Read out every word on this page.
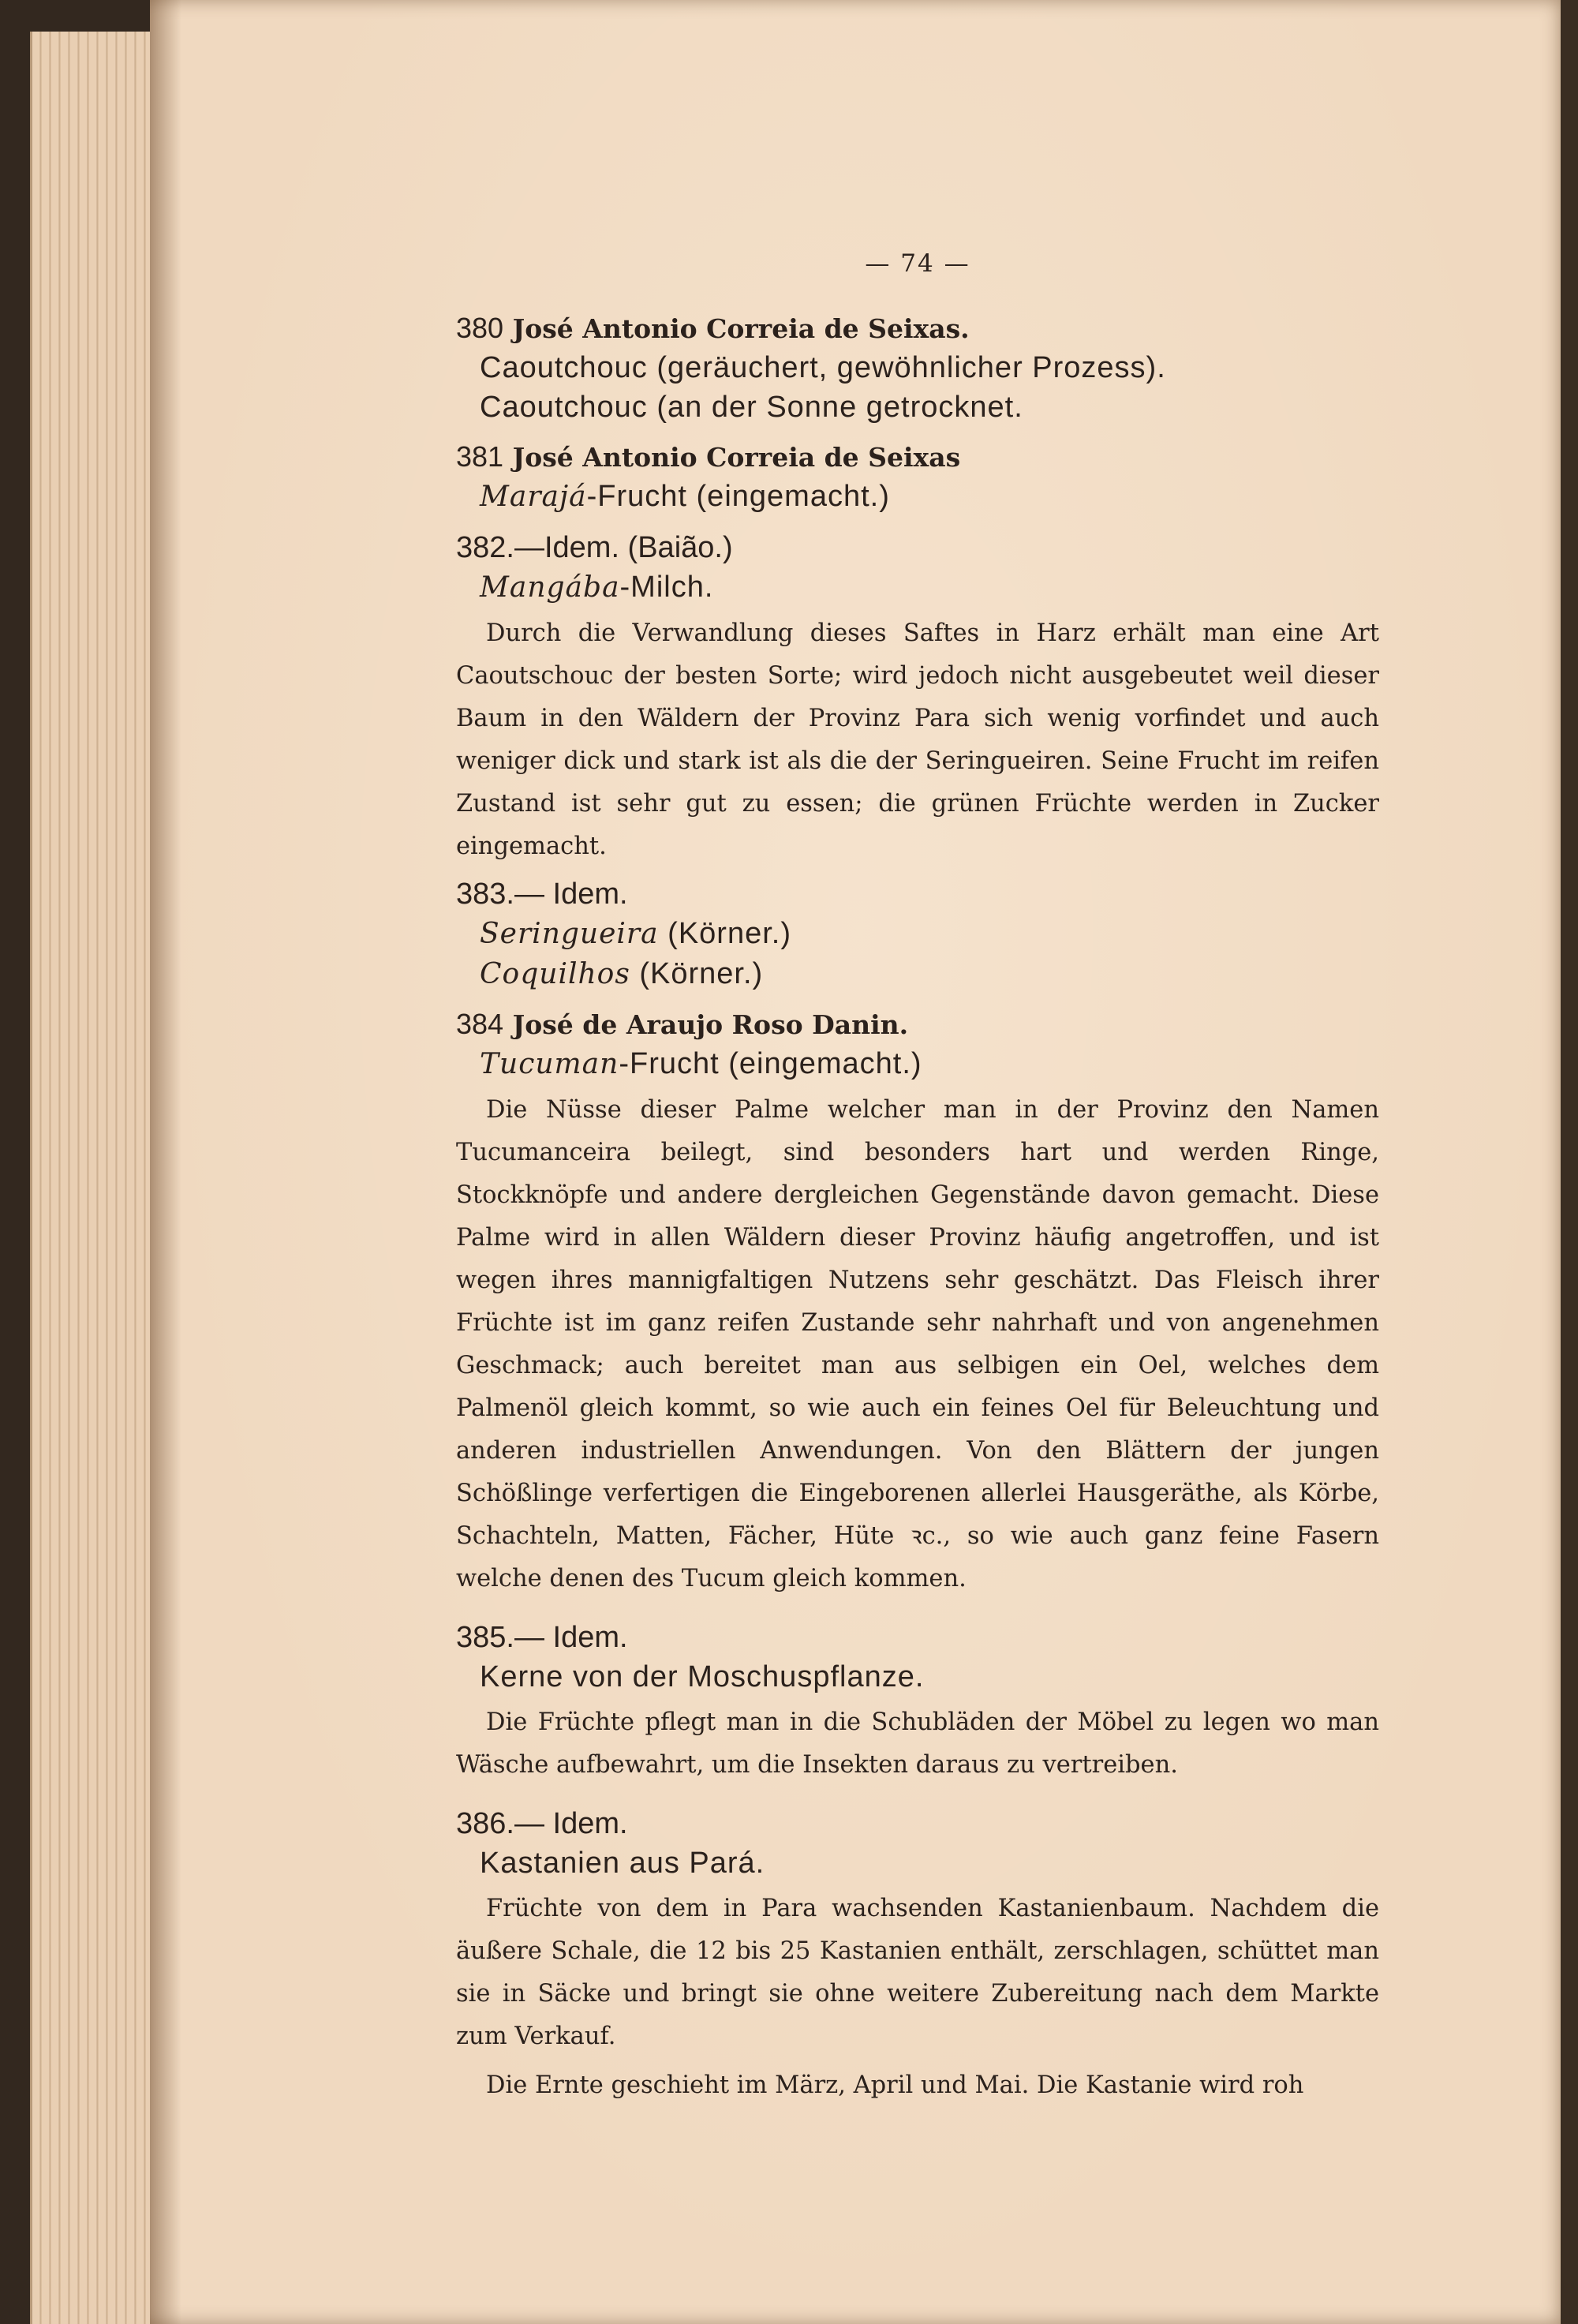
— 74 —
380 José Antonio Correia de Seixas.
Caoutchouc (geräuchert, gewöhnlicher Prozess).
Caoutchouc (an der Sonne getrocknet.
381 José Antonio Correia de Seixas
Marajá-Frucht (eingemacht.)
382.—Idem. (Baião.)
Mangába-Milch.
Durch die Verwandlung dieses Saftes in Harz erhält man eine Art Caoutschouc der besten Sorte; wird jedoch nicht ausgebeutet weil dieser Baum in den Wäldern der Provinz Para sich wenig vorfindet und auch weniger dick und stark ist als die der Seringueiren. Seine Frucht im reifen Zustand ist sehr gut zu essen; die grünen Früchte werden in Zucker eingemacht.
383.— Idem.
Seringueira (Körner.)
Coquilhos (Körner.)
384 José de Araujo Roso Danin.
Tucuman-Frucht (eingemacht.)
Die Nüsse dieser Palme welcher man in der Provinz den Namen Tucumanceira beilegt, sind besonders hart und werden Ringe, Stockknöpfe und andere dergleichen Gegenstände davon gemacht. Diese Palme wird in allen Wäldern dieser Provinz häufig angetroffen, und ist wegen ihres mannigfaltigen Nutzens sehr geschätzt. Das Fleisch ihrer Früchte ist im ganz reifen Zustande sehr nahrhaft und von angenehmen Geschmack; auch bereitet man aus selbigen ein Oel, welches dem Palmenöl gleich kommt, so wie auch ein feines Oel für Beleuchtung und anderen industriellen Anwendungen. Von den Blättern der jungen Schößlinge verfertigen die Eingeborenen allerlei Hausgeräthe, als Körbe, Schachteln, Matten, Fächer, Hüte ꝛc., so wie auch ganz feine Fasern welche denen des Tucum gleich kommen.
385.— Idem.
Kerne von der Moschuspflanze.
Die Früchte pflegt man in die Schubläden der Möbel zu legen wo man Wäsche aufbewahrt, um die Insekten daraus zu vertreiben.
386.— Idem.
Kastanien aus Pará.
Früchte von dem in Para wachsenden Kastanienbaum. Nachdem die äußere Schale, die 12 bis 25 Kastanien enthält, zerschlagen, schüttet man sie in Säcke und bringt sie ohne weitere Zubereitung nach dem Markte zum Verkauf.
Die Ernte geschieht im März, April und Mai. Die Kastanie wird roh
